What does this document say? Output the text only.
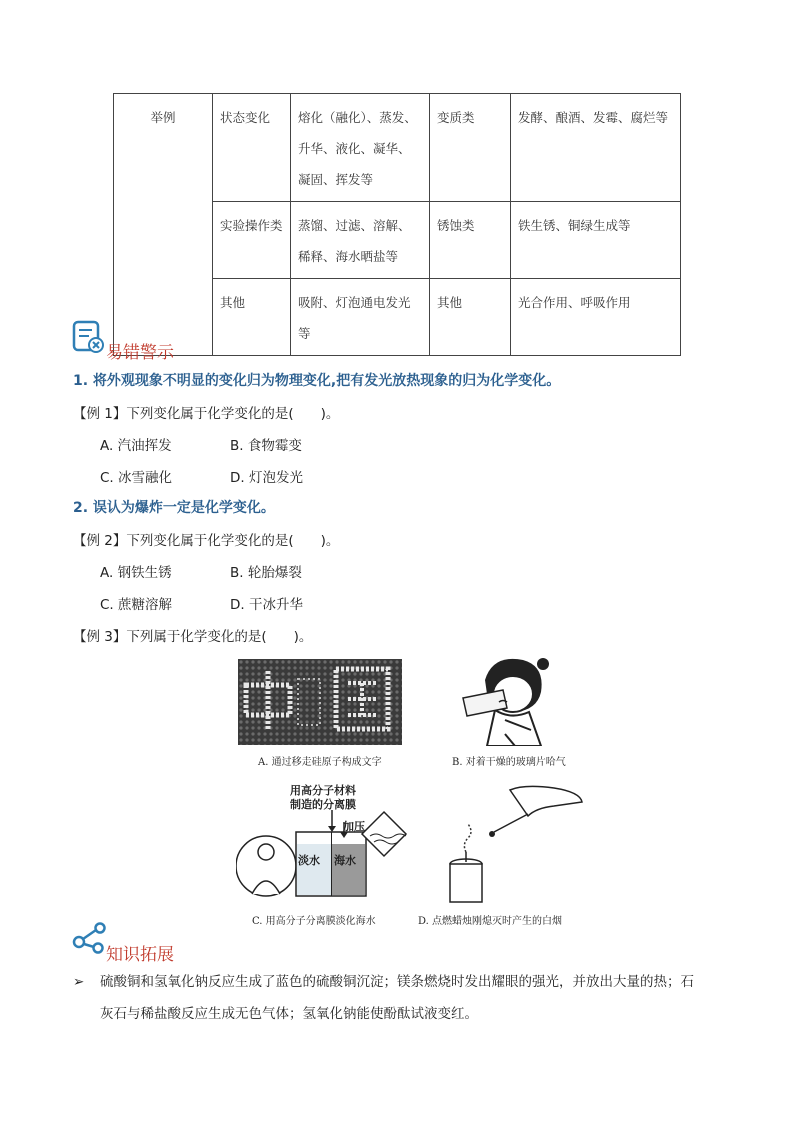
举例	状态变化	熔化（融化）、蒸发、升华、液化、凝华、凝固、挥发等	变质类	发酵、酿酒、发霉、腐烂等
	实验操作类	蒸馏、过滤、溶解、稀释、海水晒盐等	锈蚀类	铁生锈、铜绿生成等
	其他	吸附、灯泡通电发光等	其他	光合作用、呼吸作用
易错警示
1. 将外观现象不明显的变化归为物理变化,把有发光放热现象的归为化学变化。
【例 1】下列变化属于化学变化的是(　　)。
A. 汽油挥发	B. 食物霉变
C. 冰雪融化	D. 灯泡发光
2. 误认为爆炸一定是化学变化。
【例 2】下列变化属于化学变化的是(　　)。
A. 钢铁生锈	B. 轮胎爆裂
C. 蔗糖溶解	D. 干冰升华
【例 3】下列属于化学变化的是(　　)。
A. 通过移走硅原子构成文字	B. 对着干燥的玻璃片哈气
用高分子材料
制造的分离膜
加压
淡水 海水
C. 用高分子分离膜淡化海水	D. 点燃蜡烛刚熄灭时产生的白烟
知识拓展
➢ 硫酸铜和氢氧化钠反应生成了蓝色的硫酸铜沉淀；镁条燃烧时发出耀眼的强光，并放出大量的热；石
灰石与稀盐酸反应生成无色气体；氢氧化钠能使酚酞试液变红。
